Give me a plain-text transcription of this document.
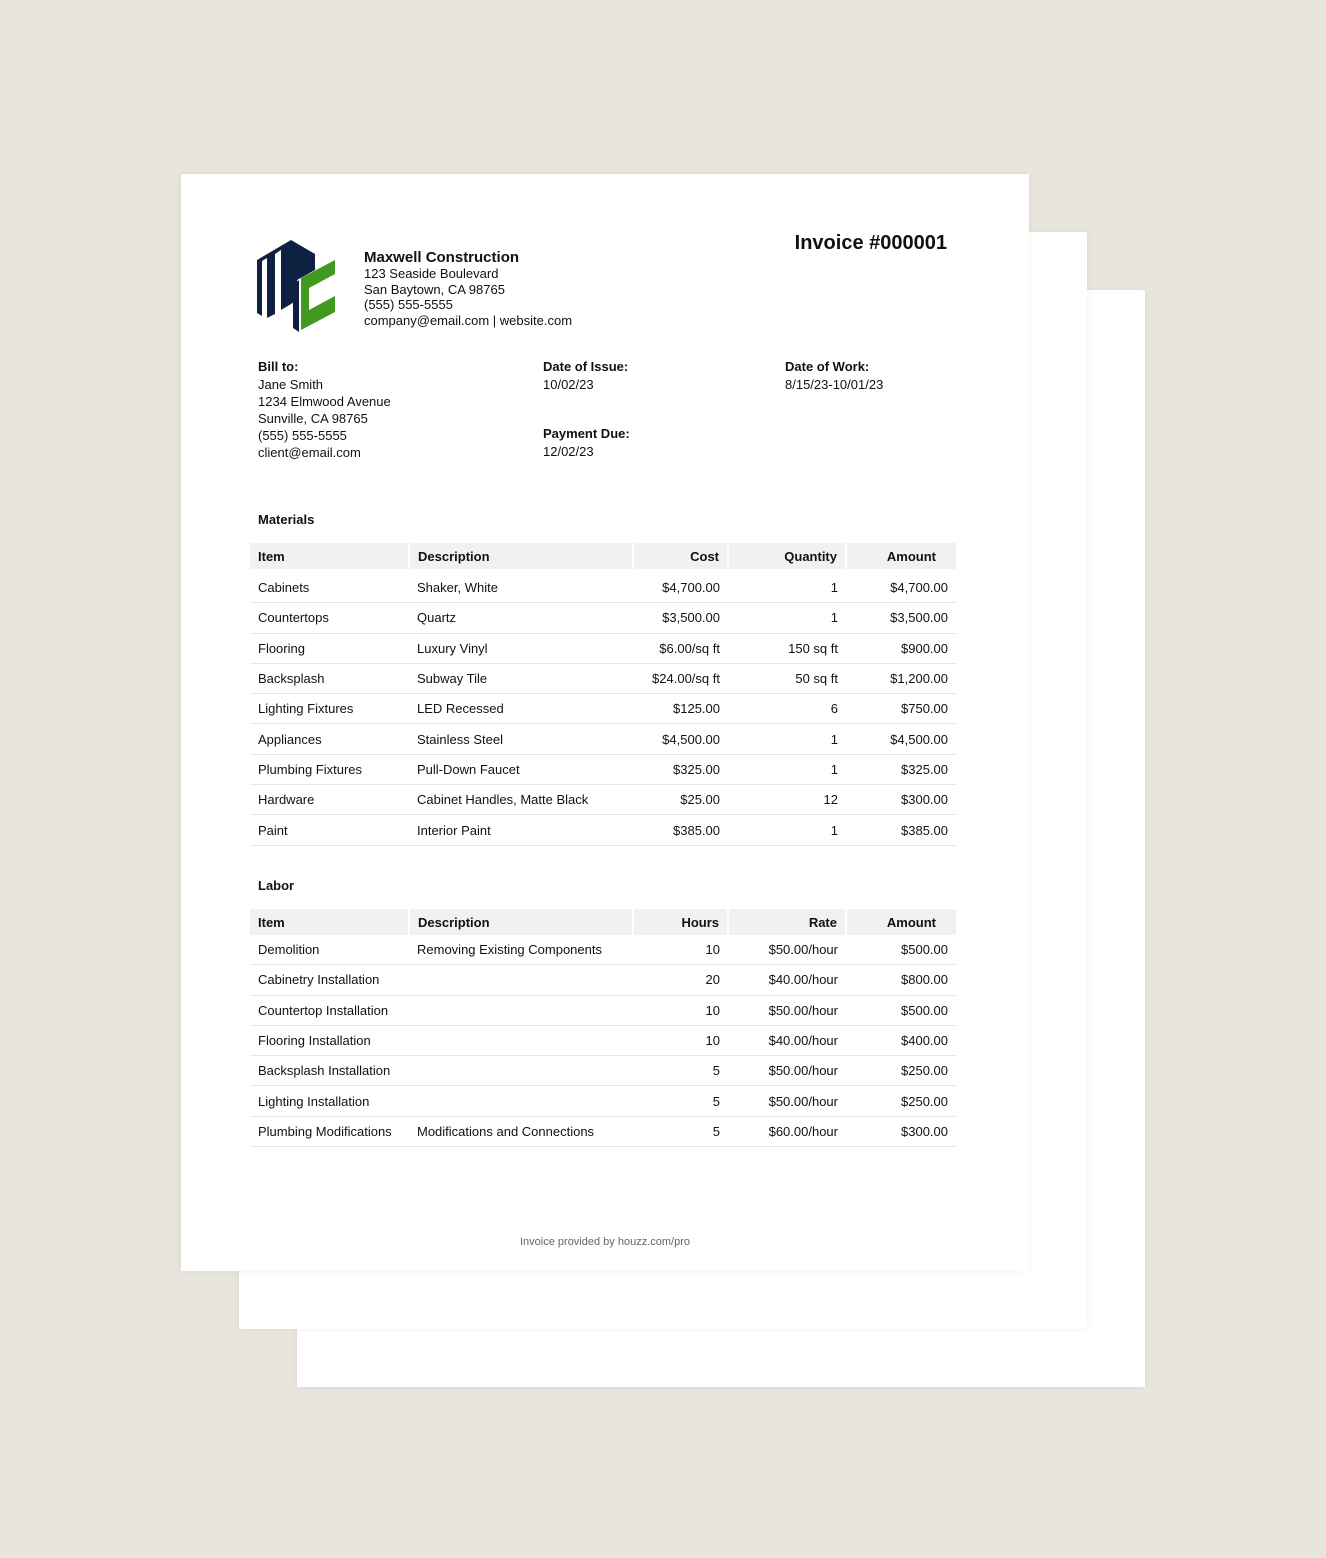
Maxwell Construction
123 Seaside Boulevard
San Baytown, CA 98765
(555) 555-5555
company@email.com | website.com
Invoice #000001
Bill to:
Jane Smith
1234 Elmwood Avenue
Sunville, CA 98765
(555) 555-5555
client@email.com
Date of Issue:
10/02/23
Payment Due:
12/02/23
Date of Work:
8/15/23-10/01/23
Materials
Item	Description	Cost	Quantity	Amount
Cabinets	Shaker, White	$4,700.00	1	$4,700.00
Countertops	Quartz	$3,500.00	1	$3,500.00
Flooring	Luxury Vinyl	$6.00/sq ft	150 sq ft	$900.00
Backsplash	Subway Tile	$24.00/sq ft	50 sq ft	$1,200.00
Lighting Fixtures	LED Recessed	$125.00	6	$750.00
Appliances	Stainless Steel	$4,500.00	1	$4,500.00
Plumbing Fixtures	Pull-Down Faucet	$325.00	1	$325.00
Hardware	Cabinet Handles, Matte Black	$25.00	12	$300.00
Paint	Interior Paint	$385.00	1	$385.00
Labor
Item	Description	Hours	Rate	Amount
Demolition	Removing Existing Components	10	$50.00/hour	$500.00
Cabinetry Installation		20	$40.00/hour	$800.00
Countertop Installation		10	$50.00/hour	$500.00
Flooring Installation		10	$40.00/hour	$400.00
Backsplash Installation		5	$50.00/hour	$250.00
Lighting Installation		5	$50.00/hour	$250.00
Plumbing Modifications	Modifications and Connections	5	$60.00/hour	$300.00
Invoice provided by houzz.com/pro
